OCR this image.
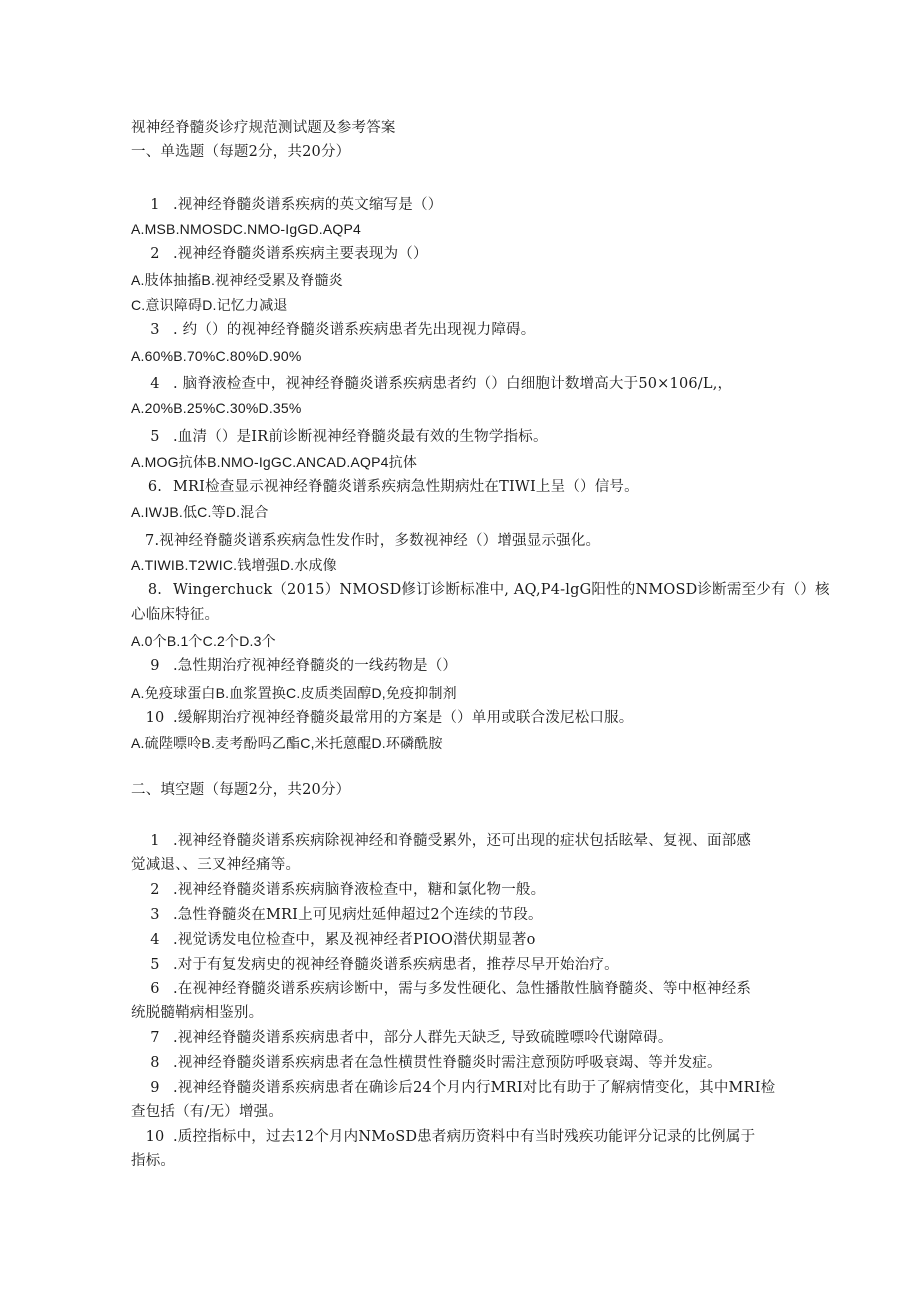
视神经脊髓炎诊疗规范测试题及参考答案
一、单选题（每题2分，共20分）
1 .视神经脊髓炎谱系疾病的英文缩写是（）
A.MSB.NMOSDC.NMO-IgGD.AQP4
2 .视神经脊髓炎谱系疾病主要表现为（）
A.肢体抽搐B.视神经受累及脊髓炎
C.意识障碍D.记忆力减退
3 . 约（）的视神经脊髓炎谱系疾病患者先出现视力障碍。
A.60%B.70%C.80%D.90%
4 . 脑脊液检查中，视神经脊髓炎谱系疾病患者约（）白细胞计数增高大于50×106∕L,，
A.20%B.25%C.30%D.35%
5 .血清（）是IR前诊断视神经脊髓炎最有效的生物学指标。
A.MOG抗体B.NMO-IgGC.ANCAD.AQP4抗体
6. MRI检查显示视神经脊髓炎谱系疾病急性期病灶在TIWI上呈（）信号。
A.IWJB.低C.等D.混合
7.视神经脊髓炎谱系疾病急性发作时，多数视神经（）增强显示强化。
A.TIWIB.T2WIC.钱增强D.水成像
8. Wingerchuck（2015）NMOSD修订诊断标准中, AQ,P4-lgG阳性的NMOSD诊断需至少有（）核
心临床特征。
A.0个B.1个C.2个D.3个
9 .急性期治疗视神经脊髓炎的一线药物是（）
A.免疫球蛋白B.血浆置换C.皮质类固醇D,免疫抑制剂
10 .缓解期治疗视神经脊髓炎最常用的方案是（）单用或联合泼尼松口服。
A.硫陛嘌呤B.麦考酚吗乙酯C,米托蒽醌D.环磷酰胺
二、填空题（每题2分，共20分）
1 .视神经脊髓炎谱系疾病除视神经和脊髓受累外，还可出现的症状包括眩晕、复视、面部感
觉减退、、三叉神经痛等。
2 .视神经脊髓炎谱系疾病脑脊液检查中，糖和氯化物一般。
3 .急性脊髓炎在MRI上可见病灶延伸超过2个连续的节段。
4 .视觉诱发电位检查中，累及视神经者PIOO潜伏期显著o
5 .对于有复发病史的视神经脊髓炎谱系疾病患者，推荐尽早开始治疗。
6 .在视神经脊髓炎谱系疾病诊断中，需与多发性硬化、急性播散性脑脊髓炎、等中枢神经系
统脱髓鞘病相鉴别。
7 .视神经脊髓炎谱系疾病患者中，部分人群先天缺乏, 导致硫瞠嘌呤代谢障碍。
8 .视神经脊髓炎谱系疾病患者在急性横贯性脊髓炎时需注意预防呼吸衰竭、等并发症。
9 .视神经脊髓炎谱系疾病患者在确诊后24个月内行MRI对比有助于了解病情变化，其中MRI检
查包括（有/无）增强。
10 .质控指标中，过去12个月内NMoSD患者病历资料中有当时残疾功能评分记录的比例属于
指标。
